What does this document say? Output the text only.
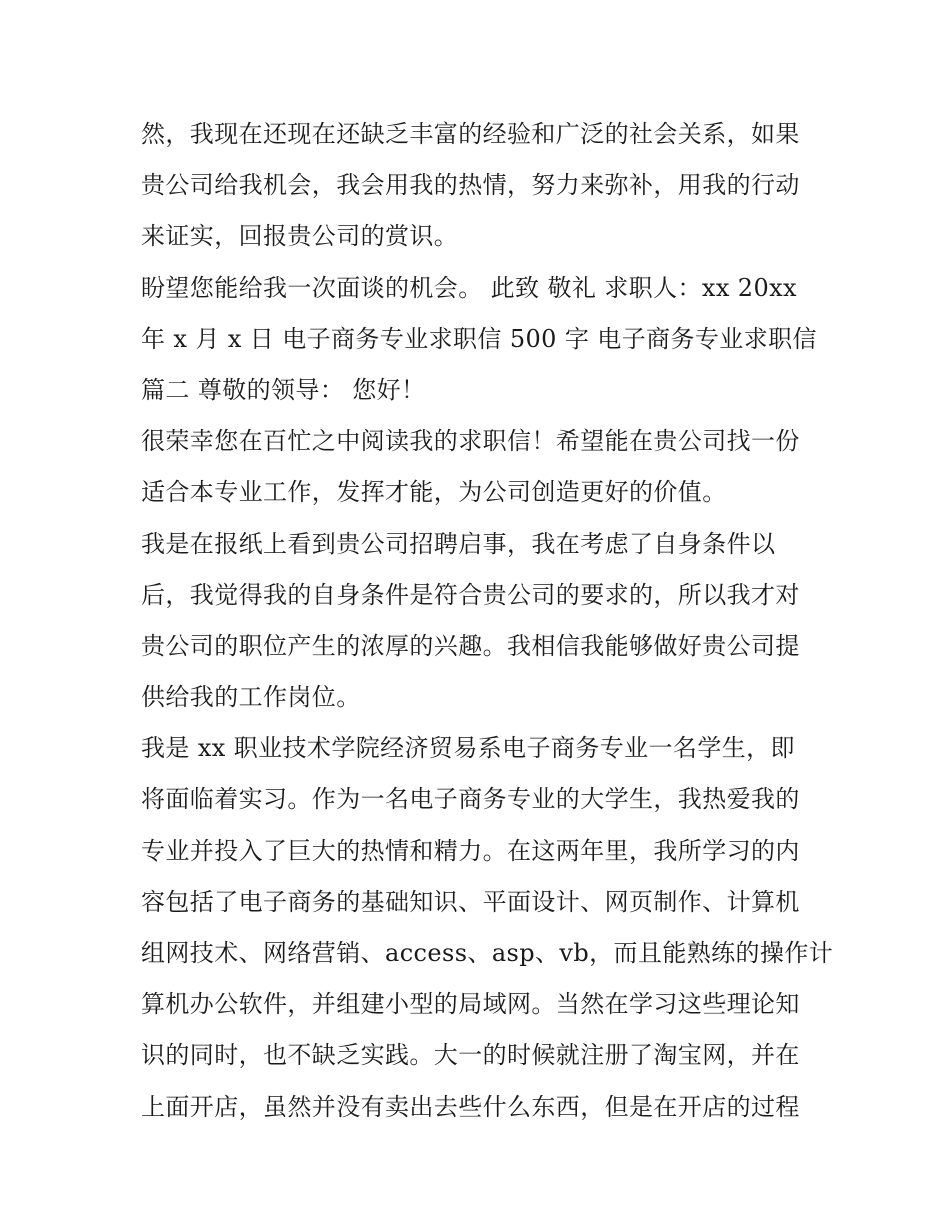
然，我现在还现在还缺乏丰富的经验和广泛的社会关系，如果
贵公司给我机会，我会用我的热情，努力来弥补，用我的行动
来证实，回报贵公司的赏识。
盼望您能给我一次面谈的机会。 此致 敬礼 求职人：xx 20xx
年 x 月 x 日 电子商务专业求职信 500 字 电子商务专业求职信
篇二 尊敬的领导： 您好！
很荣幸您在百忙之中阅读我的求职信！希望能在贵公司找一份
适合本专业工作，发挥才能，为公司创造更好的价值。
我是在报纸上看到贵公司招聘启事，我在考虑了自身条件以
后，我觉得我的自身条件是符合贵公司的要求的，所以我才对
贵公司的职位产生的浓厚的兴趣。我相信我能够做好贵公司提
供给我的工作岗位。
我是 xx 职业技术学院经济贸易系电子商务专业一名学生，即
将面临着实习。作为一名电子商务专业的大学生，我热爱我的
专业并投入了巨大的热情和精力。在这两年里，我所学习的内
容包括了电子商务的基础知识、平面设计、网页制作、计算机
组网技术、网络营销、access、asp、vb，而且能熟练的操作计
算机办公软件，并组建小型的局域网。当然在学习这些理论知
识的同时，也不缺乏实践。大一的时候就注册了淘宝网，并在
上面开店，虽然并没有卖出去些什么东西，但是在开店的过程
